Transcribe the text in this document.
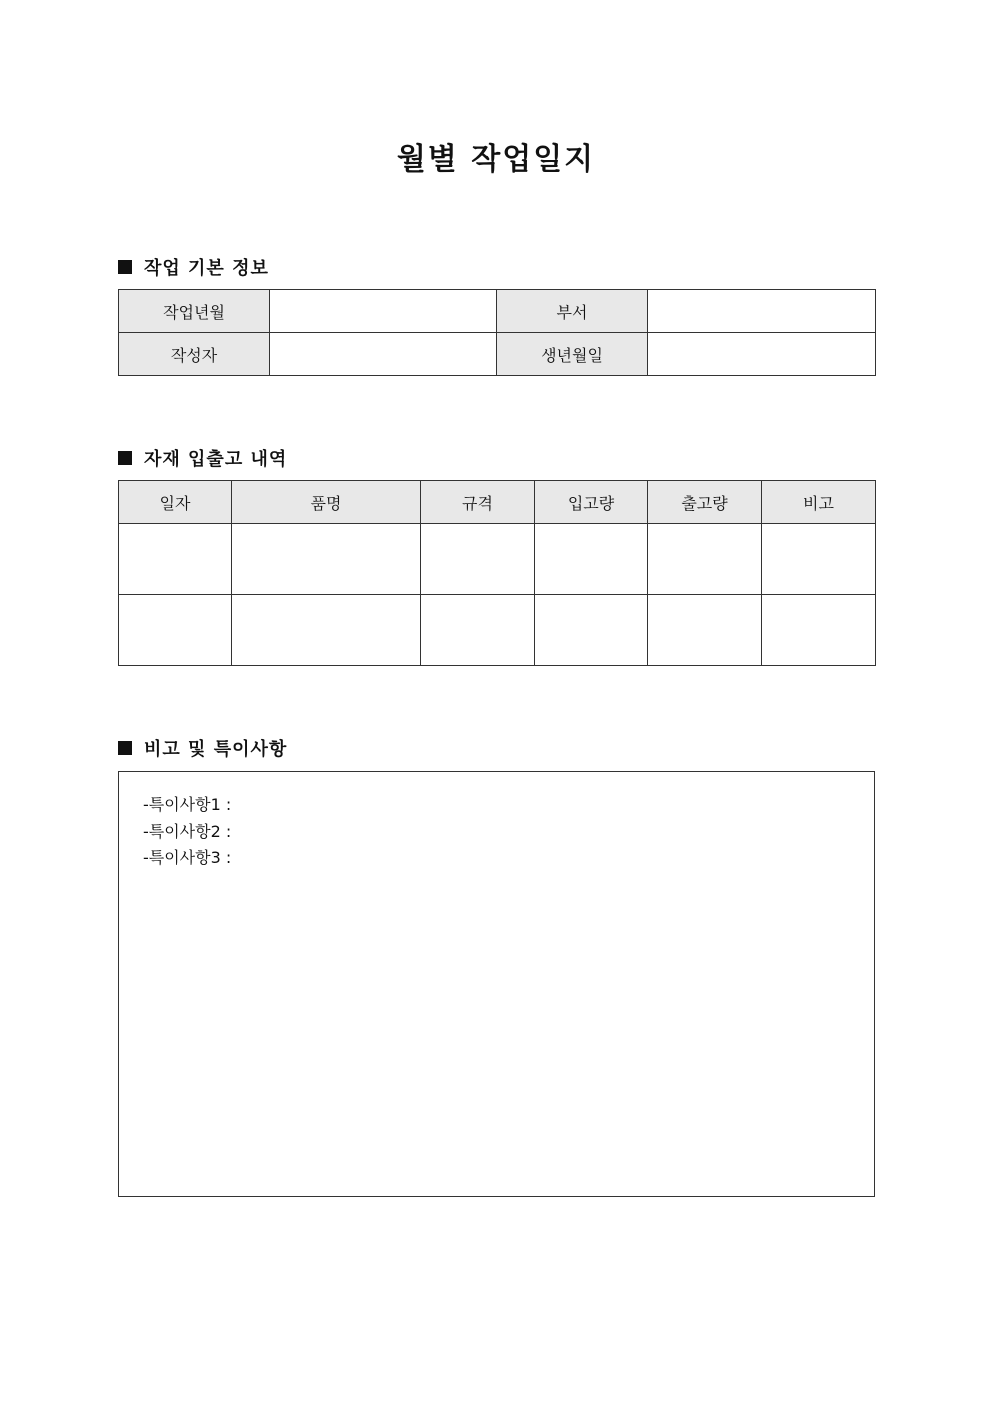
월별 작업일지
작업 기본 정보
작업년월		부서	
작성자		생년월일	
자재 입출고 내역
일자	품명	규격	입고량	출고량	비고

비고 및 특이사항
-특이사항1 :
-특이사항2 :
-특이사항3 :
